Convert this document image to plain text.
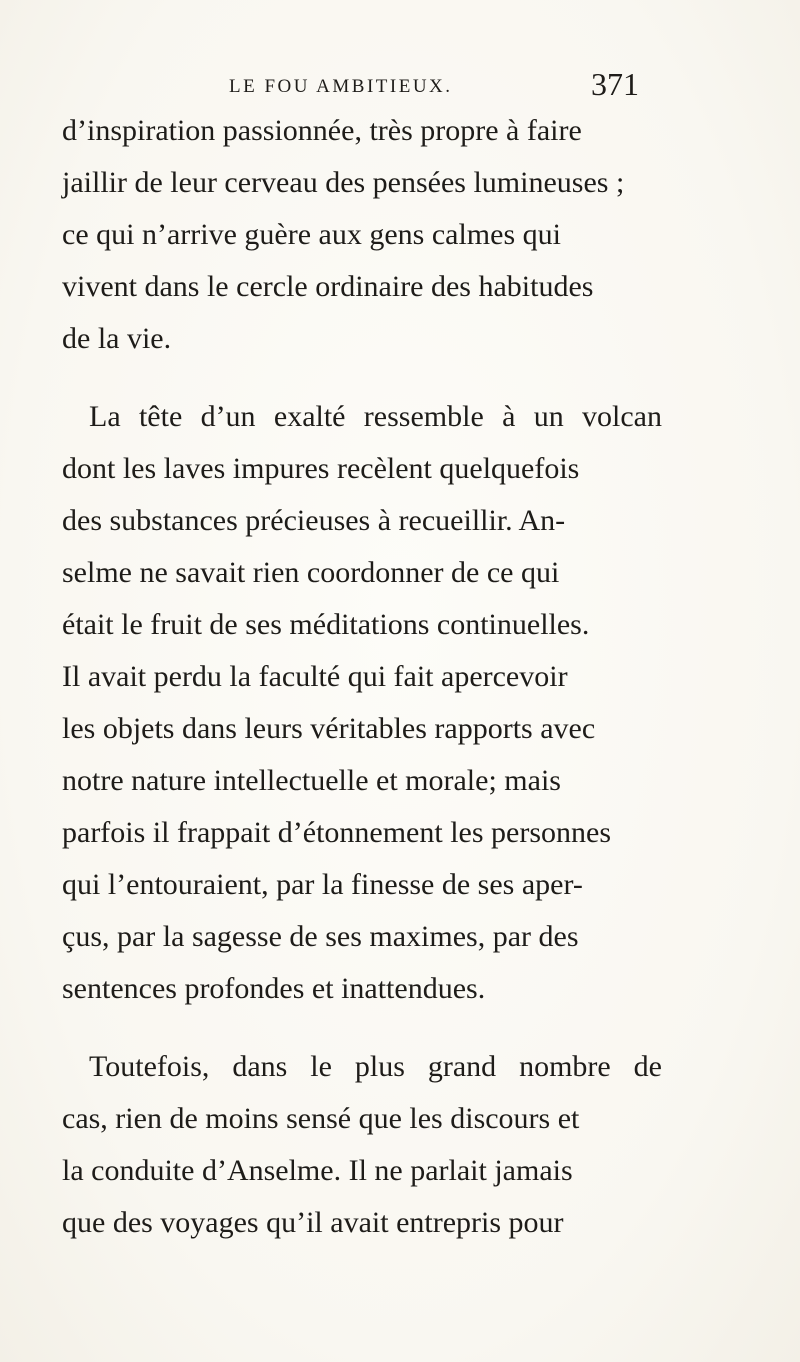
LE FOU AMBITIEUX.	371
d’inspiration passionnée, très propre à faire
jaillir de leur cerveau des pensées lumineuses ;
ce qui n’arrive guère aux gens calmes qui
vivent dans le cercle ordinaire des habitudes
de la vie.
La tête d’un exalté ressemble à un volcan
dont les laves impures recèlent quelquefois
des substances précieuses à recueillir. An-
selme ne savait rien coordonner de ce qui
était le fruit de ses méditations continuelles.
Il avait perdu la faculté qui fait apercevoir
les objets dans leurs véritables rapports avec
notre nature intellectuelle et morale; mais
parfois il frappait d’étonnement les personnes
qui l’entouraient, par la finesse de ses aper-
çus, par la sagesse de ses maximes, par des
sentences profondes et inattendues.
Toutefois, dans le plus grand nombre de
cas, rien de moins sensé que les discours et
la conduite d’Anselme. Il ne parlait jamais
que des voyages qu’il avait entrepris pour
